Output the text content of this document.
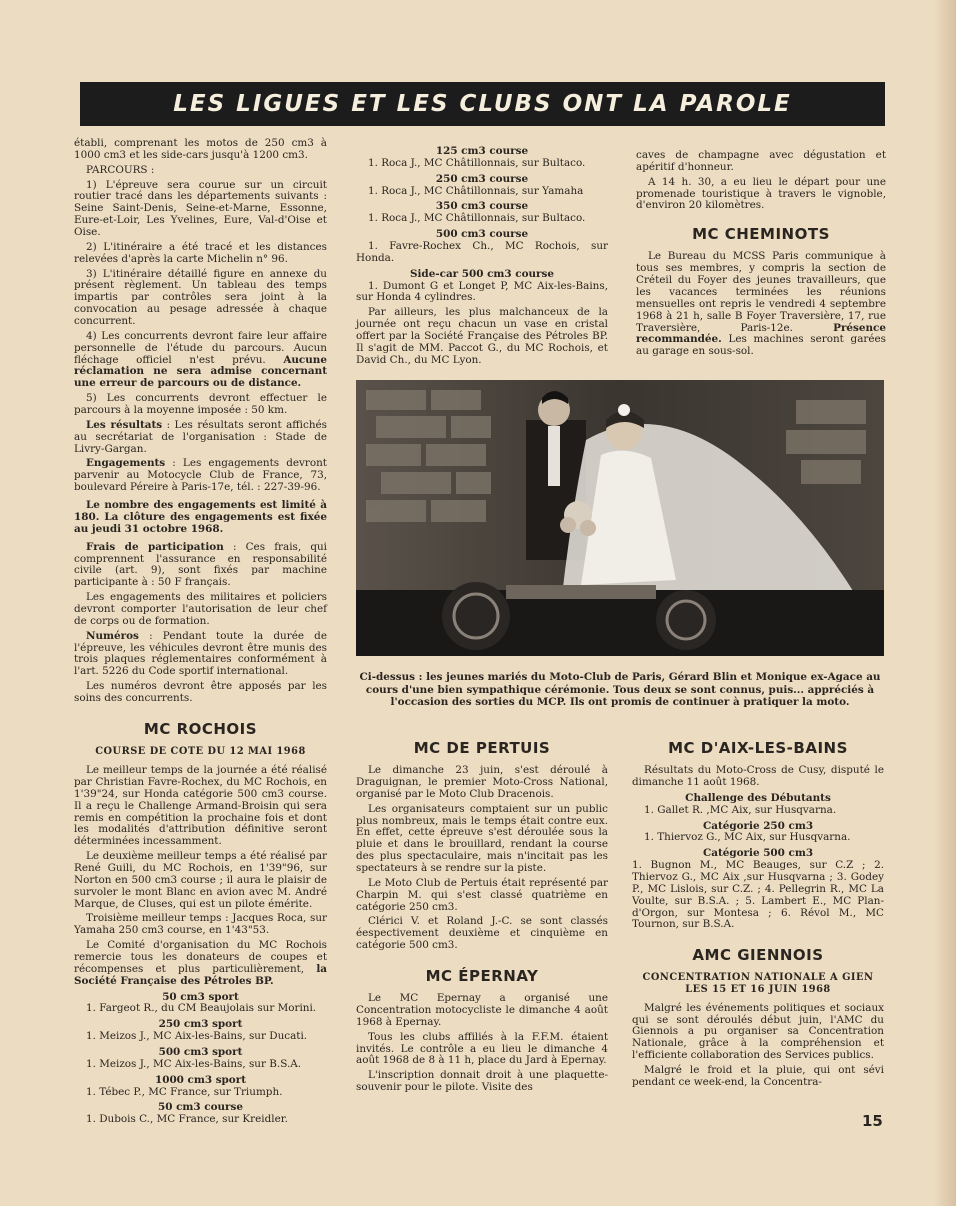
LES LIGUES ET LES CLUBS ONT LA PAROLE

établi, comprenant les motos de 250 cm3 à 1000 cm3 et les side-cars jusqu'à 1200 cm3.

PARCOURS :

1) L'épreuve sera courue sur un circuit routier tracé dans les départements suivants : Seine Saint-Denis, Seine-et-Marne, Essonne, Eure-et-Loir, Les Yvelines, Eure, Val-d'Oise et Oise.

2) L'itinéraire a été tracé et les distances relevées d'après la carte Michelin n° 96.

3) L'itinéraire détaillé figure en annexe du présent règlement. Un tableau des temps impartis par contrôles sera joint à la convocation au pesage adressée à chaque concurrent.

4) Les concurrents devront faire leur affaire personnelle de l'étude du parcours. Aucun fléchage officiel n'est prévu. Aucune réclamation ne sera admise concernant une erreur de parcours ou de distance.

5) Les concurrents devront effectuer le parcours à la moyenne imposée : 50 km.

Les résultats : Les résultats seront affichés au secrétariat de l'organisation : Stade de Livry-Gargan.

Engagements : Les engagements devront parvenir au Motocycle Club de France, 73, boulevard Péreire à Paris-17e, tél. : 227-39-96.

Le nombre des engagements est limité à 180. La clôture des engagements est fixée au jeudi 31 octobre 1968.

Frais de participation : Ces frais, qui comprennent l'assurance en responsabilité civile (art. 9), sont fixés par machine participante à : 50 F français.

Les engagements des militaires et policiers devront comporter l'autorisation de leur chef de corps ou de formation.

Numéros : Pendant toute la durée de l'épreuve, les véhicules devront être munis des trois plaques réglementaires conformément à l'art. 5226 du Code sportif international.

Les numéros devront être apposés par les soins des concurrents.

MC ROCHOIS
COURSE DE COTE DU 12 MAI 1968

Le meilleur temps de la journée a été réalisé par Christian Favre-Rochex, du MC Rochois, en 1'39"24, sur Honda catégorie 500 cm3 course. Il a reçu le Challenge Armand-Broisin qui sera remis en compétition la prochaine fois et dont les modalités d'attribution définitive seront déterminées incessamment.

Le deuxième meilleur temps a été réalisé par René Guili, du MC Rochois, en 1'39"96, sur Norton en 500 cm3 course ; il aura le plaisir de survoler le mont Blanc en avion avec M. André Marque, de Cluses, qui est un pilote émérite.

Troisième meilleur temps : Jacques Roca, sur Yamaha 250 cm3 course, en 1'43"53.

Le Comité d'organisation du MC Rochois remercie tous les donateurs de coupes et récompenses et plus particulièrement, la Société Française des Pétroles BP.

50 cm3 sport

1. Fargeot R., du CM Beaujolais sur Morini.

250 cm3 sport

1. Meizos J., MC Aix-les-Bains, sur Ducati.

500 cm3 sport

1. Meizos J., MC Aix-les-Bains, sur B.S.A.

1000 cm3 sport

1. Tébec P., MC France, sur Triumph.

50 cm3 course

1. Dubois C., MC France, sur Kreidler.

125 cm3 course

1. Roca J., MC Châtillonnais, sur Bultaco.

250 cm3 course

1. Roca J., MC Châtillonnais, sur Yamaha

350 cm3 course

1. Roca J., MC Châtillonnais, sur Bultaco.

500 cm3 course

1. Favre-Rochex Ch., MC Rochois, sur Honda.

Side-car 500 cm3 course

1. Dumont G et Longet P, MC Aix-les-Bains, sur Honda 4 cylindres.

Par ailleurs, les plus malchanceux de la journée ont reçu chacun un vase en cristal offert par la Société Française des Pétroles BP. Il s'agit de MM. Paccot G., du MC Rochois, et David Ch., du MC Lyon.

caves de champagne avec dégustation et apéritif d'honneur.

A 14 h. 30, a eu lieu le départ pour une promenade touristique à travers le vignoble, d'environ 20 kilomètres.

MC CHEMINOTS

Le Bureau du MCSS Paris communique à tous ses membres, y compris la section de Créteil du Foyer des jeunes travailleurs, que les vacances terminées les réunions mensuelles ont repris le vendredi 4 septembre 1968 à 21 h, salle B Foyer Traversière, 17, rue Traversière, Paris-12e.	Présence recommandée. Les machines seront garées au garage en sous-sol.

Ci-dessus : les jeunes mariés du Moto-Club de Paris, Gérard Blin et Monique ex-Agace au cours d'une bien sympathique cérémonie. Tous deux se sont connus, puis... appréciés à l'occasion des sorties du MCP. Ils ont promis de continuer à pratiquer la moto.
MC DE PERTUIS

Le dimanche 23 juin, s'est déroulé à Draguignan, le premier Moto-Cross National, organisé par le Moto Club Dracenois.

Les organisateurs comptaient sur un public plus nombreux, mais le temps était contre eux. En effet, cette épreuve s'est déroulée sous la pluie et dans le brouillard, rendant la course des plus spectaculaire, mais n'incitait pas les spectateurs à se rendre sur la piste.

Le Moto Club de Pertuis était représenté par Charpin M. qui s'est classé quatrième en catégorie 250 cm3.

Clérici V. et Roland J.-C. se sont classés éespectivement deuxième et cinquième en catégorie 500 cm3.

MC ÉPERNAY

Le MC Epernay a organisé une Concentration motocycliste le dimanche 4 août 1968 à Epernay.

Tous les clubs affiliés à la F.F.M. étaient invités. Le contrôle a eu lieu le dimanche 4 août 1968 de 8 à 11 h, place du Jard à Epernay.

L'inscription donnait droit à une plaquette-souvenir pour le pilote. Visite des

MC D'AIX-LES-BAINS

Résultats du Moto-Cross de Cusy, disputé le dimanche 11 août 1968.

Challenge des Débutants

1. Gallet R. ,MC Aix, sur Husqvarna.

Catégorie 250 cm3

1. Thiervoz G., MC Aix, sur Husqvarna.

Catégorie 500 cm3

1. Bugnon M., MC Beauges, sur C.Z ; 2. Thiervoz G., MC Aix ,sur Husqvarna ; 3. Godey P., MC Lislois, sur C.Z. ; 4. Pellegrin R., MC La Voulte, sur B.S.A. ; 5. Lambert E., MC Plan-d'Orgon, sur Montesa ; 6. Révol M., MC Tournon, sur B.S.A.

AMC GIENNOIS
CONCENTRATION NATIONALE A GIEN LES 15 ET 16 JUIN 1968

Malgré les événements politiques et sociaux qui se sont déroulés début juin, l'AMC du Giennois a pu organiser sa Concentration Nationale, grâce à la compréhension et l'efficiente collaboration des Services publics.

Malgré le froid et la pluie, qui ont sévi pendant ce week-end, la Concentra-

15
